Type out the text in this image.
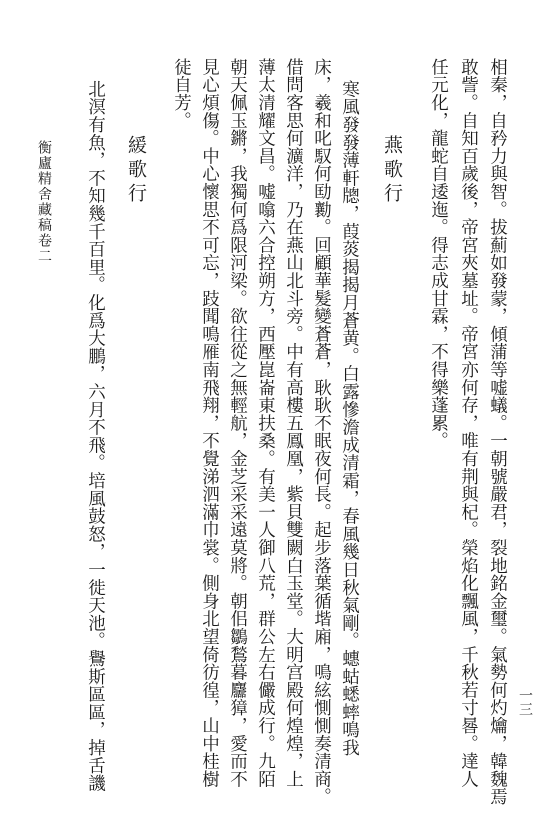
相秦，自矜力與智。拔薊如發蒙，傾蒲等嘘蟻。一朝號嚴君，裂地銘金璽。氣勢何灼爚，韓魏焉
敢訾。自知百歲後，帝宮夾墓址。帝宮亦何存，唯有荆與杞。榮焰化飄風，千秋若寸晷。達人
任元化，龍蛇自逶迤。得志成甘霖，不得樂蓬累。
燕歌行
寒風發發薄軒牕，葭菼揭揭月蒼黄。白露慘澹成清霜，春風幾日秋氣剛。蟪蛄蟋蟀鳴我
床，羲和叱馭何劻勷。回顧華髮變蒼蒼，耿耿不眠夜何長。起步落葉循堦廂，鳴絃惻惻奏清商。
借問客思何瀇洋，乃在燕山北斗旁。中有高樓五鳳凰，紫貝雙闕白玉堂。大明宫殿何煌煌，上
薄太清耀文昌。嘘噏六合控朔方，西壓崑崙東扶桑。有美一人御八荒，群公左右儼成行。九陌
朝天佩玉鏘，我獨何爲限河梁。欲往從之無輕航，金芝采采遠莫將。朝佀鶵鶖暮麢獐，愛而不
見心煩傷。中心懷思不可忘，跂聞鳴雁南飛翔，不覺涕泗滿巾裳。側身北望倚彷徨，山中桂樹
徒自芳。
緩歌行
北溟有魚，不知幾千百里。化爲大鵬，六月不飛。培風鼓怒，一徙天池。鸒斯區區，掉舌譏
衡廬精舍藏稿卷二
一三
